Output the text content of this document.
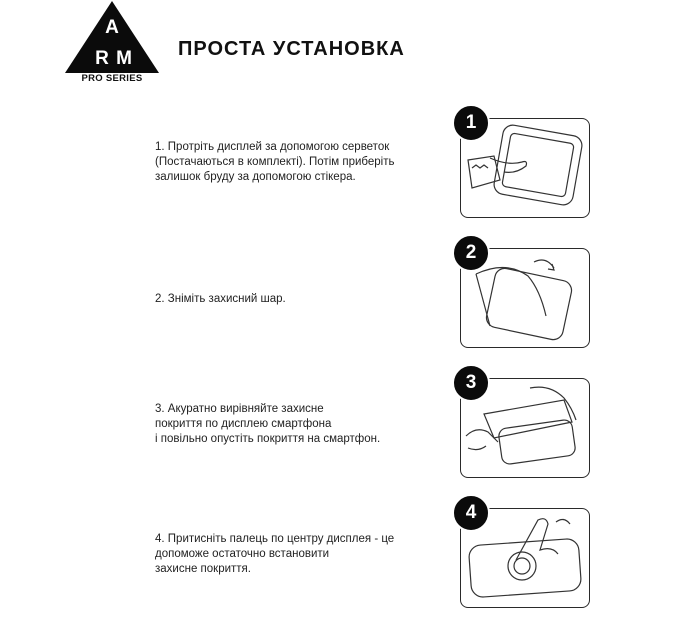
A
R M
PRO SERIES
ПРОСТА УСТАНОВКА

1. Протріть дисплей за допомогою серветок

(Постачаються в комплекті). Потім приберіть

залишок бруду за допомогою стікера.

1

2. Зніміть захисний шар.

2

3. Акуратно вирівняйте захисне

покриття по дисплею смартфона

і повільно опустіть покриття на смартфон.

3

4. Притисніть палець по центру дисплея - це

допоможе остаточно встановити

захисне покриття.

4
